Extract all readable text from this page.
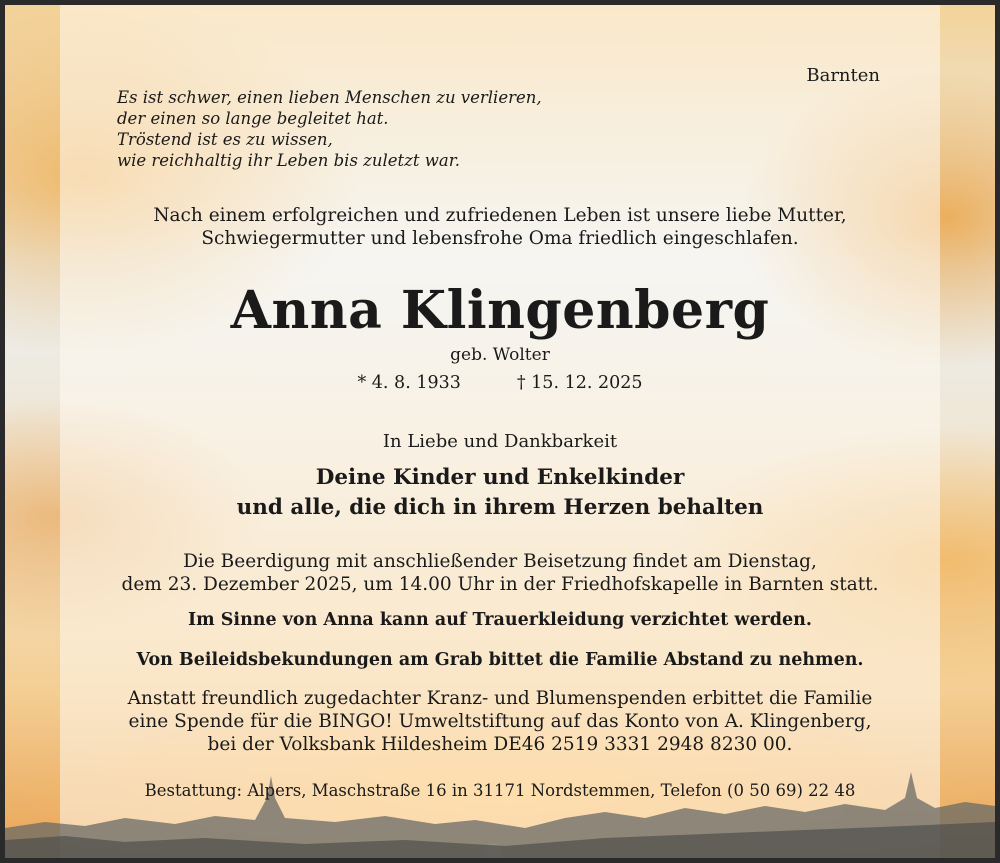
Barnten
Es ist schwer, einen lieben Menschen zu verlieren,
der einen so lange begleitet hat.
Tröstend ist es zu wissen,
wie reichhaltig ihr Leben bis zuletzt war.
Nach einem erfolgreichen und zufriedenen Leben ist unsere liebe Mutter,
Schwiegermutter und lebensfrohe Oma friedlich eingeschlafen.
Anna Klingenberg
geb. Wolter
* 4. 8. 1933	† 15. 12. 2025
In Liebe und Dankbarkeit
Deine Kinder und Enkelkinder
und alle, die dich in ihrem Herzen behalten
Die Beerdigung mit anschließender Beisetzung findet am Dienstag,
dem 23. Dezember 2025, um 14.00 Uhr in der Friedhofskapelle in Barnten statt.
Im Sinne von Anna kann auf Trauerkleidung verzichtet werden.
Von Beileidsbekundungen am Grab bittet die Familie Abstand zu nehmen.
Anstatt freundlich zugedachter Kranz- und Blumenspenden erbittet die Familie
eine Spende für die BINGO! Umweltstiftung auf das Konto von A. Klingenberg,
bei der Volksbank Hildesheim DE46 2519 3331 2948 8230 00.
Bestattung: Alpers, Maschstraße 16 in 31171 Nordstemmen, Telefon (0 50 69) 22 48
